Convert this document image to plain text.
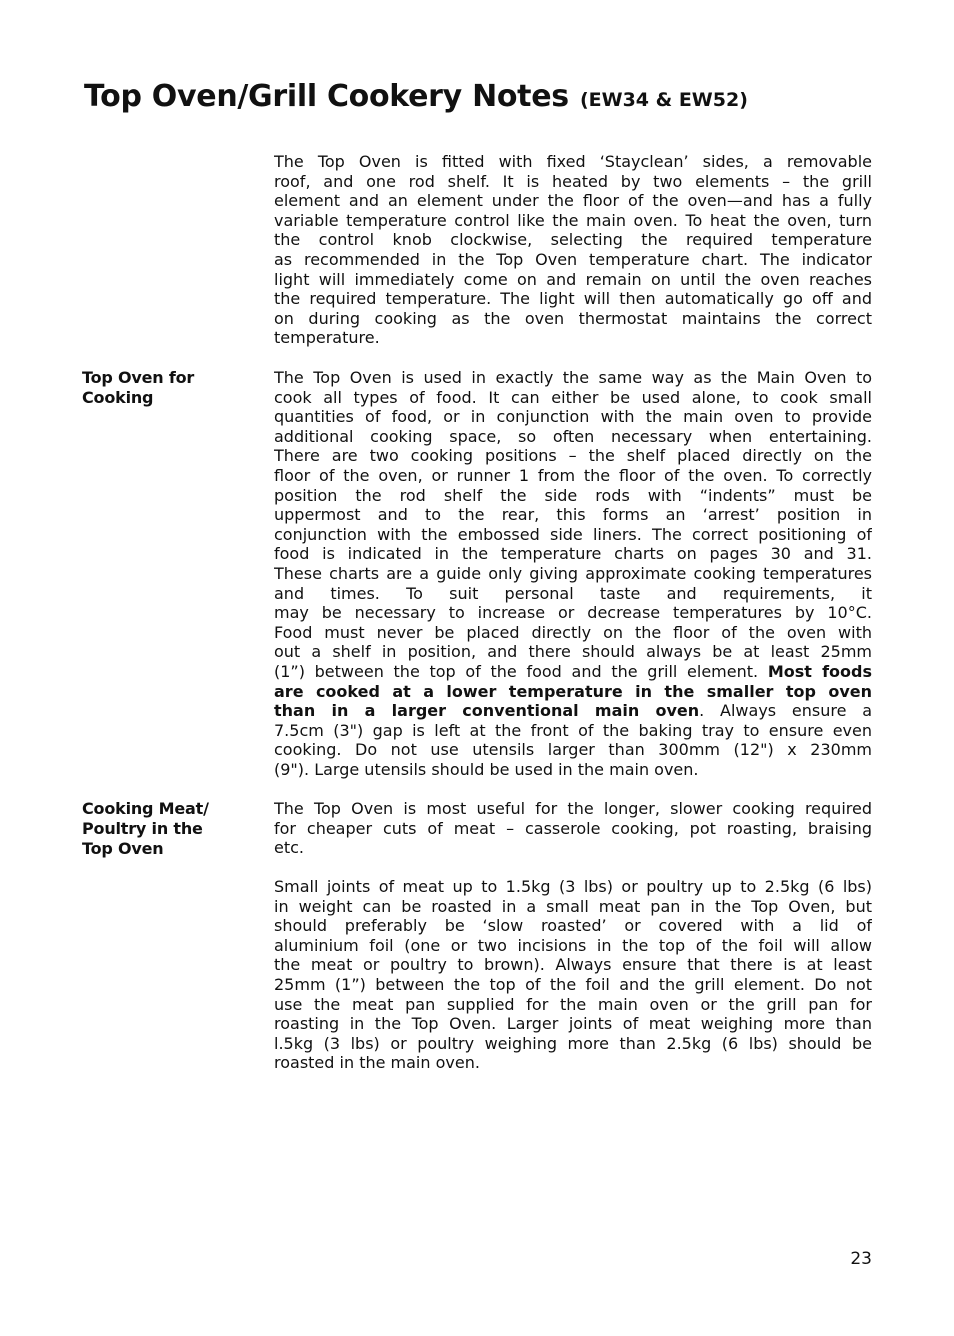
Top Oven/Grill Cookery Notes (EW34 & EW52)
The Top Oven is fitted with fixed ‘Stayclean’ sides, a removable
roof, and one rod shelf. It is heated by two elements – the grill
element and an element under the floor of the oven—and has a fully
variable temperature control like the main oven. To heat the oven, turn
the control knob clockwise, selecting the required temperature
as recommended in the Top Oven temperature chart. The indicator
light will immediately come on and remain on until the oven reaches
the required temperature. The light will then automatically go off and
on during cooking as the oven thermostat maintains the correct
temperature.
Top Oven for
Cooking
The Top Oven is used in exactly the same way as the Main Oven to
cook all types of food. It can either be used alone, to cook small
quantities of food, or in conjunction with the main oven to provide
additional cooking space, so often necessary when entertaining.
There are two cooking positions – the shelf placed directly on the
floor of the oven, or runner 1 from the floor of the oven. To correctly
position the rod shelf the side rods with “indents” must be
uppermost and to the rear, this forms an ‘arrest’ position in
conjunction with the embossed side liners. The correct positioning of
food is indicated in the temperature charts on pages 30 and 31.
These charts are a guide only giving approximate cooking temperatures
and times. To suit personal taste and requirements, it
may be necessary to increase or decrease temperatures by 10°C.
Food must never be placed directly on the floor of the oven with
out a shelf in position, and there should always be at least 25mm
(1”) between the top of the food and the grill element. Most foods
are cooked at a lower temperature in the smaller top oven
than in a larger conventional main oven. Always ensure a
7.5cm (3") gap is left at the front of the baking tray to ensure even
cooking. Do not use utensils larger than 300mm (12") x 230mm
(9"). Large utensils should be used in the main oven.
Cooking Meat/
Poultry in the
Top Oven
The Top Oven is most useful for the longer, slower cooking required
for cheaper cuts of meat – casserole cooking, pot roasting, braising
etc.
Small joints of meat up to 1.5kg (3 lbs) or poultry up to 2.5kg (6 lbs)
in weight can be roasted in a small meat pan in the Top Oven, but
should preferably be ‘slow roasted’ or covered with a lid of
aluminium foil (one or two incisions in the top of the foil will allow
the meat or poultry to brown). Always ensure that there is at least
25mm (1”) between the top of the foil and the grill element. Do not
use the meat pan supplied for the main oven or the grill pan for
roasting in the Top Oven. Larger joints of meat weighing more than
l.5kg (3 lbs) or poultry weighing more than 2.5kg (6 lbs) should be
roasted in the main oven.
23
